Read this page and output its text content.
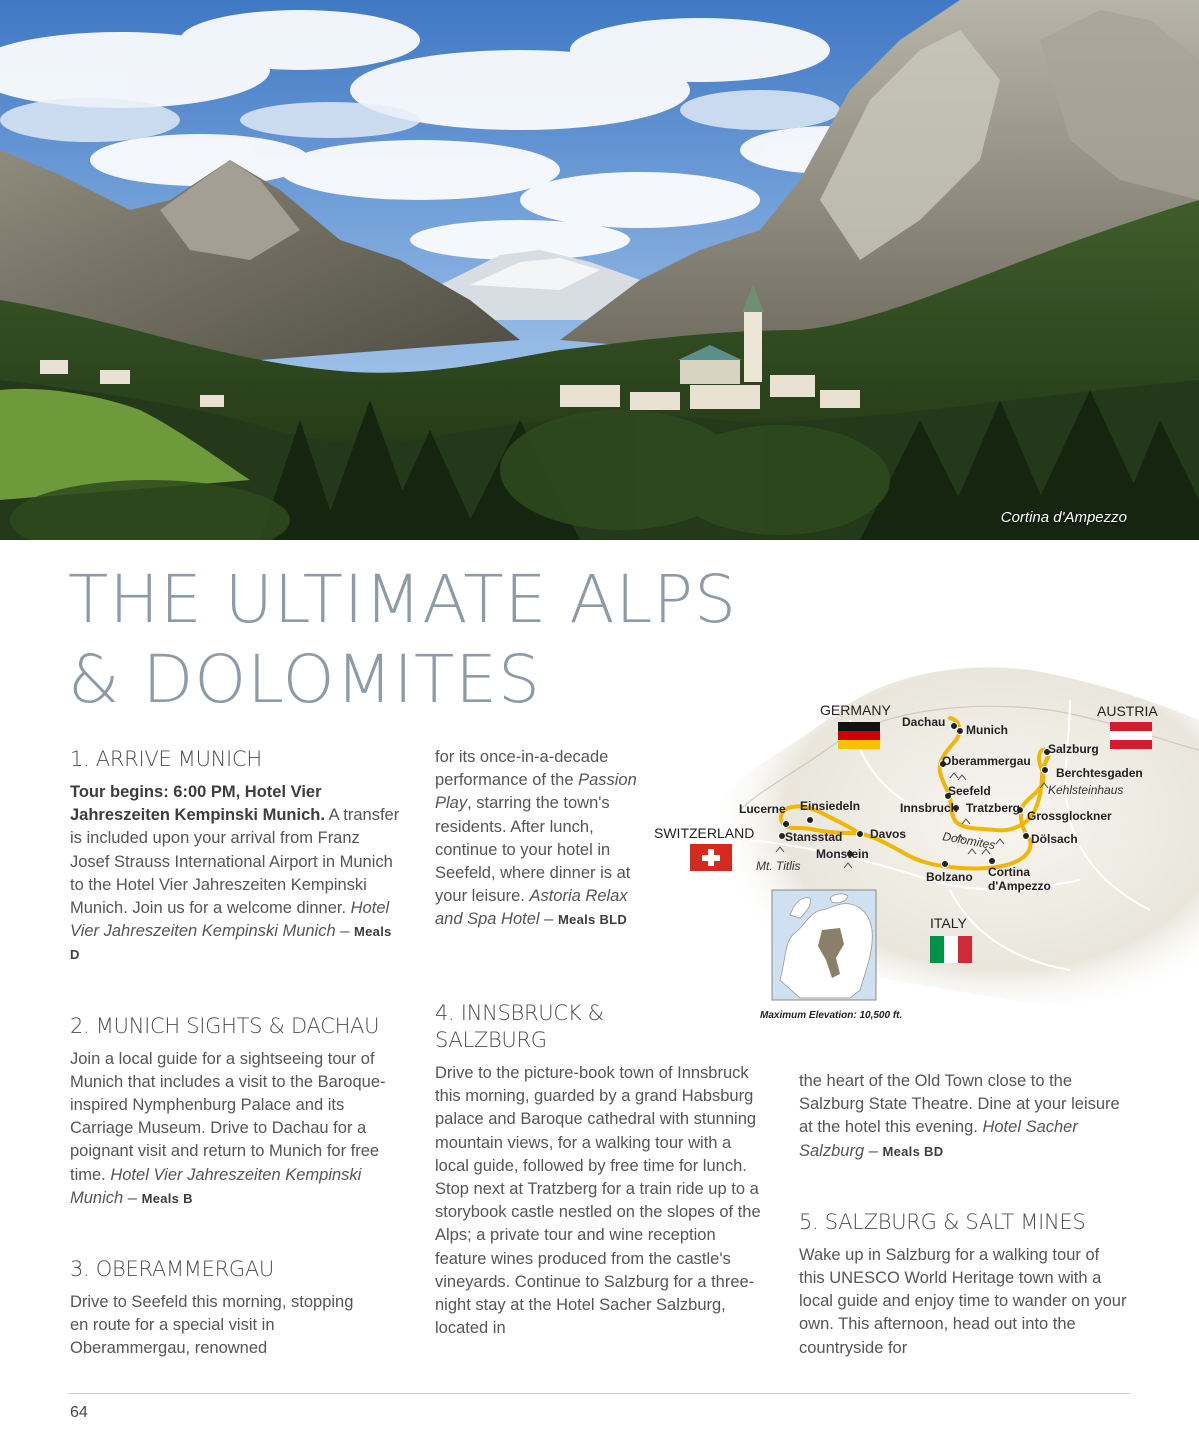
Cortina d'Ampezzo
THE ULTIMATE ALPS
& DOLOMITES
1. ARRIVE MUNICH

Tour begins: 6:00 PM, Hotel Vier Jahreszeiten Kempinski Munich. A transfer is included upon your arrival from Franz Josef Strauss International Airport in Munich to the Hotel Vier Jahreszeiten Kempinski Munich. Join us for a welcome dinner. Hotel Vier Jahreszeiten Kempinski Munich – Meals D

2. MUNICH SIGHTS & DACHAU

Join a local guide for a sightseeing tour of Munich that includes a visit to the Baroque-inspired Nymphenburg Palace and its Carriage Museum. Drive to Dachau for a poignant visit and return to Munich for free time. Hotel Vier Jahreszeiten Kempinski Munich – Meals B

3. OBERAMMERGAU

Drive to Seefeld this morning, stopping en route for a special visit in Oberammergau, renowned

for its once-in-a-decade performance of the Passion Play, starring the town's residents. After lunch, continue to your hotel in Seefeld, where dinner is at your leisure. Astoria Relax and Spa Hotel – Meals BLD

4. INNSBRUCK & SALZBURG

Drive to the picture-book town of Innsbruck this morning, guarded by a grand Habsburg palace and Baroque cathedral with stunning mountain views, for a walking tour with a local guide, followed by free time for lunch. Stop next at Tratzberg for a train ride up to a storybook castle nestled on the slopes of the Alps; a private tour and wine reception feature wines produced from the castle's vineyards. Continue to Salzburg for a three-night stay at the Hotel Sacher Salzburg, located in

the heart of the Old Town close to the Salzburg State Theatre. Dine at your leisure at the hotel this evening. Hotel Sacher Salzburg – Meals BD

5. SALZBURG & SALT MINES

Wake up in Salzburg for a walking tour of this UNESCO World Heritage town with a local guide and enjoy time to wander on your own. This afternoon, head out into the countryside for

GERMANY	AUSTRIA
SWITZERLAND
ITALY
Dachau
Munich
Oberammergau
Salzburg
Berchtesgaden
Seefeld
Innsbruck Tratzberg
Grossglockner
Lucerne Einsiedeln
Stansstad Davos	Dölsach
Monstein
Bolzano Cortina
d'Ampezzo
Kehlsteinhaus
Dolomites
Mt. Titlis
Maximum Elevation: 10,500 ft.
64
